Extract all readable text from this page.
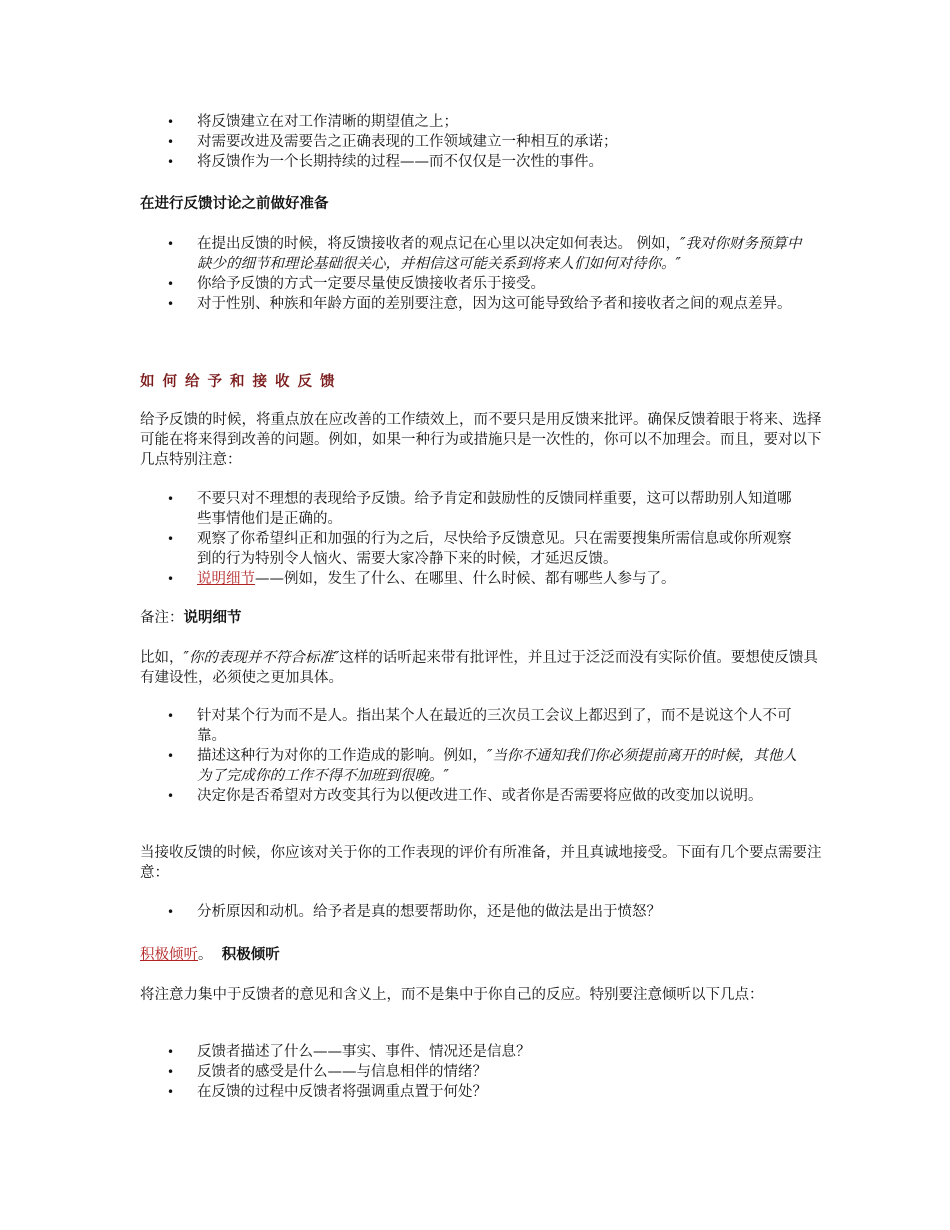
• 将反馈建立在对工作清晰的期望值之上；
• 对需要改进及需要告之正确表现的工作领域建立一种相互的承诺；
• 将反馈作为一个长期持续的过程——而不仅仅是一次性的事件。
在进行反馈讨论之前做好准备
• 在提出反馈的时候，将反馈接收者的观点记在心里以决定如何表达。 例如，″我对你财务预算中缺少的细节和理论基础很关心，并相信这可能关系到将来人们如何对待你。″
• 你给予反馈的方式一定要尽量使反馈接收者乐于接受。
• 对于性别、种族和年龄方面的差别要注意，因为这可能导致给予者和接收者之间的观点差异。
如何给予和接收反馈

给予反馈的时候，将重点放在应改善的工作绩效上，而不要只是用反馈来批评。确保反馈着眼于将来、选择可能在将来得到改善的问题。例如，如果一种行为或措施只是一次性的，你可以不加理会。而且，要对以下几点特别注意：

• 不要只对不理想的表现给予反馈。给予肯定和鼓励性的反馈同样重要，这可以帮助别人知道哪些事情他们是正确的。
• 观察了你希望纠正和加强的行为之后，尽快给予反馈意见。只在需要搜集所需信息或你所观察到的行为特别令人恼火、需要大家冷静下来的时候，才延迟反馈。
• 说明细节——例如，发生了什么、在哪里、什么时候、都有哪些人参与了。

备注：说明细节

比如，″你的表现并不符合标准″这样的话听起来带有批评性，并且过于泛泛而没有实际价值。要想使反馈具有建设性，必须使之更加具体。

• 针对某个行为而不是人。指出某个人在最近的三次员工会议上都迟到了，而不是说这个人不可靠。
• 描述这种行为对你的工作造成的影响。例如，″当你不通知我们你必须提前离开的时候，其他人为了完成你的工作不得不加班到很晚。″
• 决定你是否希望对方改变其行为以便改进工作、或者你是否需要将应做的改变加以说明。

当接收反馈的时候，你应该对关于你的工作表现的评价有所准备，并且真诚地接受。下面有几个要点需要注意：

• 分析原因和动机。给予者是真的想要帮助你，还是他的做法是出于愤怒？

积极倾听。 积极倾听

将注意力集中于反馈者的意见和含义上，而不是集中于你自己的反应。特别要注意倾听以下几点：

• 反馈者描述了什么——事实、事件、情况还是信息？
• 反馈者的感受是什么——与信息相伴的情绪？
• 在反馈的过程中反馈者将强调重点置于何处？
